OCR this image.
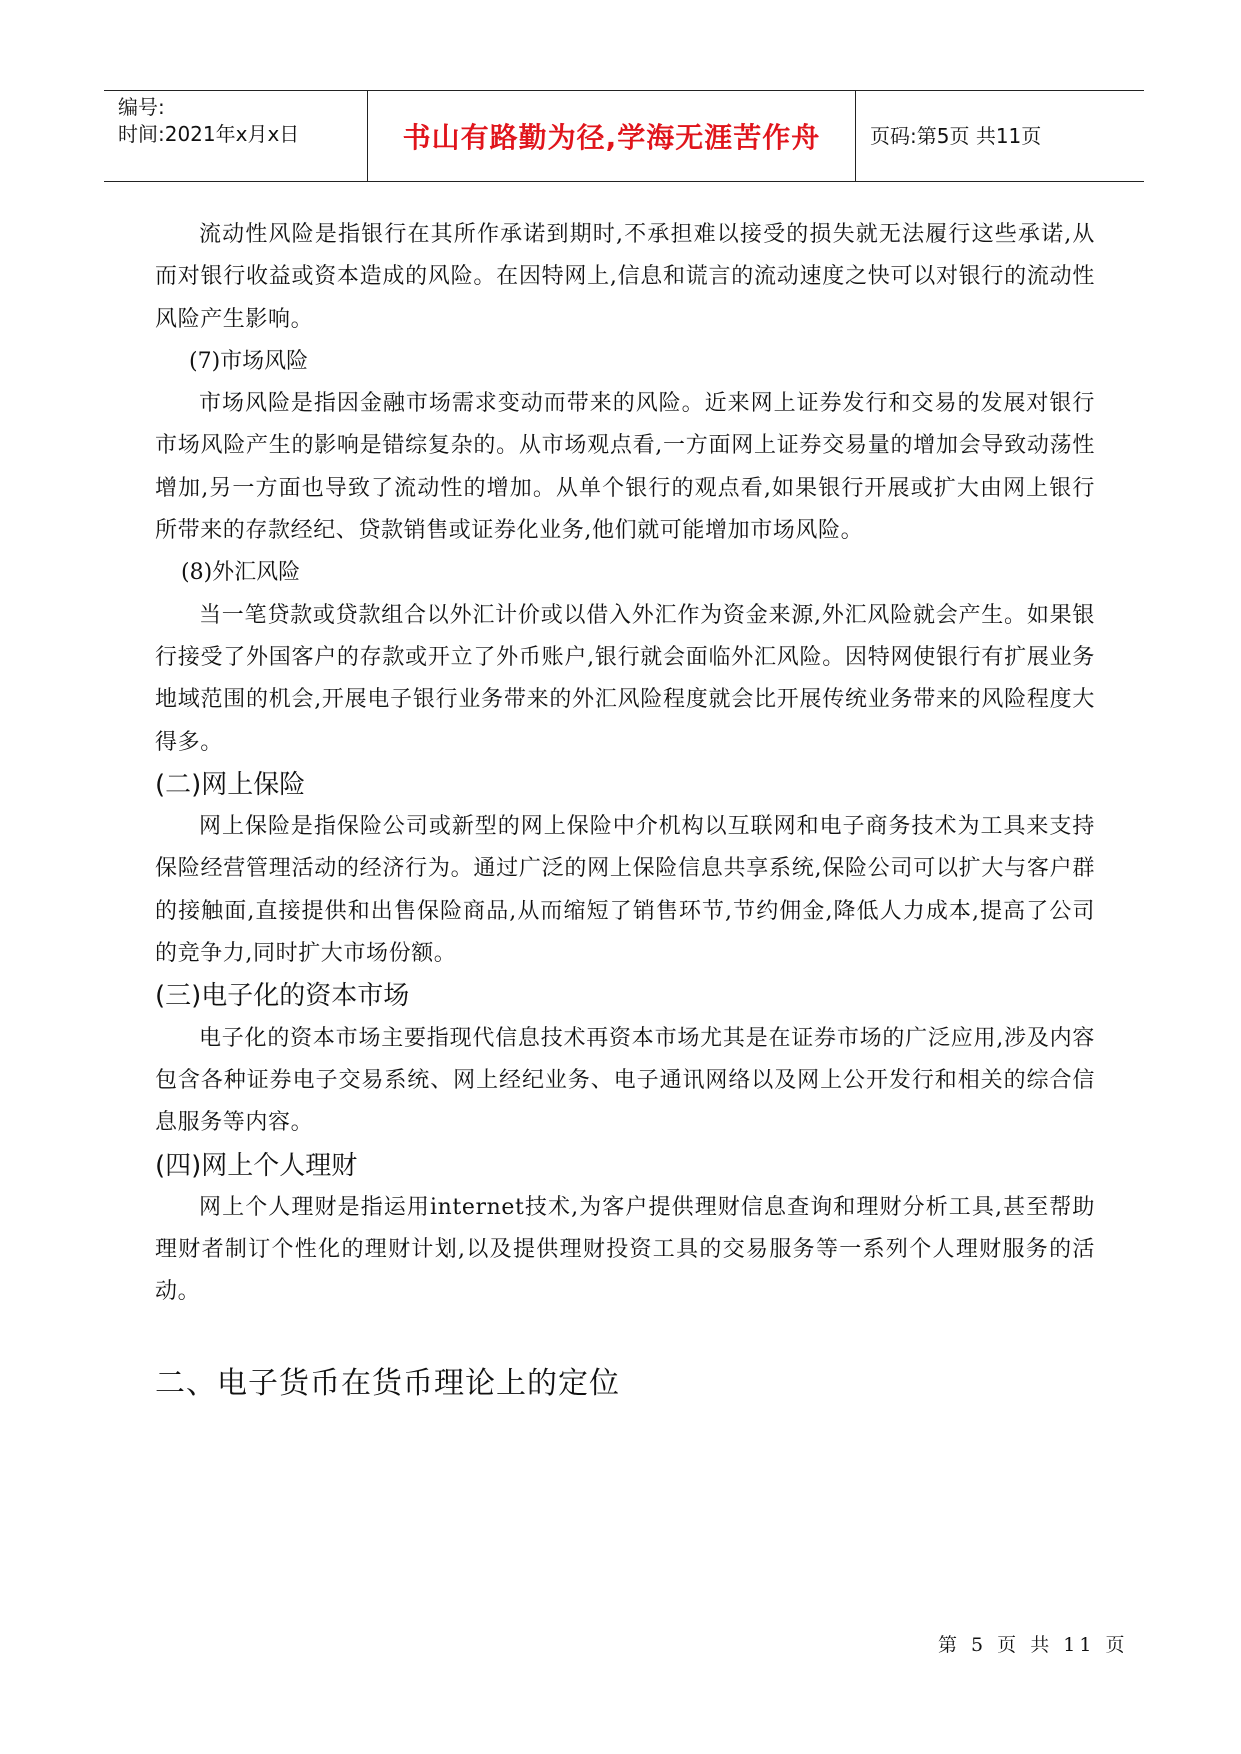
编号:
时间:2021年x月x日	书山有路勤为径,学海无涯苦作舟 页码:第5页 共11页

流动性风险是指银行在其所作承诺到期时,不承担难以接受的损失就无法履行这些承诺,从而对银行收益或资本造成的风险。在因特网上,信息和谎言的流动速度之快可以对银行的流动性风险产生影响。

(7)市场风险

市场风险是指因金融市场需求变动而带来的风险。近来网上证券发行和交易的发展对银行市场风险产生的影响是错综复杂的。从市场观点看,一方面网上证券交易量的增加会导致动荡性增加,另一方面也导致了流动性的增加。从单个银行的观点看,如果银行开展或扩大由网上银行所带来的存款经纪、贷款销售或证券化业务,他们就可能增加市场风险。

(8)外汇风险

当一笔贷款或贷款组合以外汇计价或以借入外汇作为资金来源,外汇风险就会产生。如果银行接受了外国客户的存款或开立了外币账户,银行就会面临外汇风险。因特网使银行有扩展业务地域范围的机会,开展电子银行业务带来的外汇风险程度就会比开展传统业务带来的风险程度大得多。

(二)网上保险

网上保险是指保险公司或新型的网上保险中介机构以互联网和电子商务技术为工具来支持保险经营管理活动的经济行为。通过广泛的网上保险信息共享系统,保险公司可以扩大与客户群的接触面,直接提供和出售保险商品,从而缩短了销售环节,节约佣金,降低人力成本,提高了公司的竞争力,同时扩大市场份额。

(三)电子化的资本市场

电子化的资本市场主要指现代信息技术再资本市场尤其是在证券市场的广泛应用,涉及内容包含各种证券电子交易系统、网上经纪业务、电子通讯网络以及网上公开发行和相关的综合信息服务等内容。

(四)网上个人理财

网上个人理财是指运用internet技术,为客户提供理财信息查询和理财分析工具,甚至帮助理财者制订个性化的理财计划,以及提供理财投资工具的交易服务等一系列个人理财服务的活动。

二、电子货币在货币理论上的定位

第 5 页 共 11 页
